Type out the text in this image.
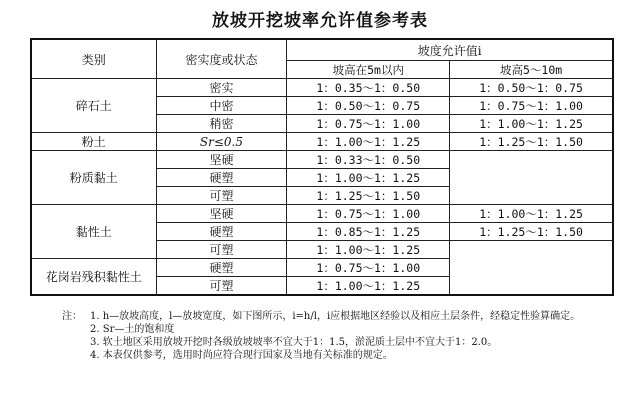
放坡开挖坡率允许值参考表
类别	密实度或状态	坡度允许值i	
		坡高在5m以内	坡高5～10m
碎石土	密实	1：0.35～1：0.50	1：0.50～1：0.75
	中密	1：0.50～1：0.75	1：0.75～1：1.00
	稍密	1：0.75～1：1.00	1：1.00～1：1.25
粉土	Sr≤0.5	1：1.00～1：1.25	1：1.25～1：1.50
粉质黏土	坚硬	1：0.33～1：0.50	
	硬塑	1：1.00～1：1.25	
	可塑	1：1.25～1：1.50	
黏性土	坚硬	1：0.75～1：1.00	1：1.00～1：1.25
	硬塑	1：0.85～1：1.25	1：1.25～1：1.50
	可塑	1：1.00～1：1.25	
花岗岩残积黏性土	硬塑	1：0.75～1：1.00	
	可塑	1：1.00～1：1.25	
注： 1. h—放坡高度，l—放坡宽度，如下图所示，i=h/l，i应根据地区经验以及相应土层条件，经稳定性验算确定。
2. Sr—土的饱和度
3. 软土地区采用放坡开挖时各级放坡坡率不宜大于1：1.5，淤泥质土层中不宜大于1：2.0。
4. 本表仅供参考，选用时尚应符合现行国家及当地有关标准的规定。
